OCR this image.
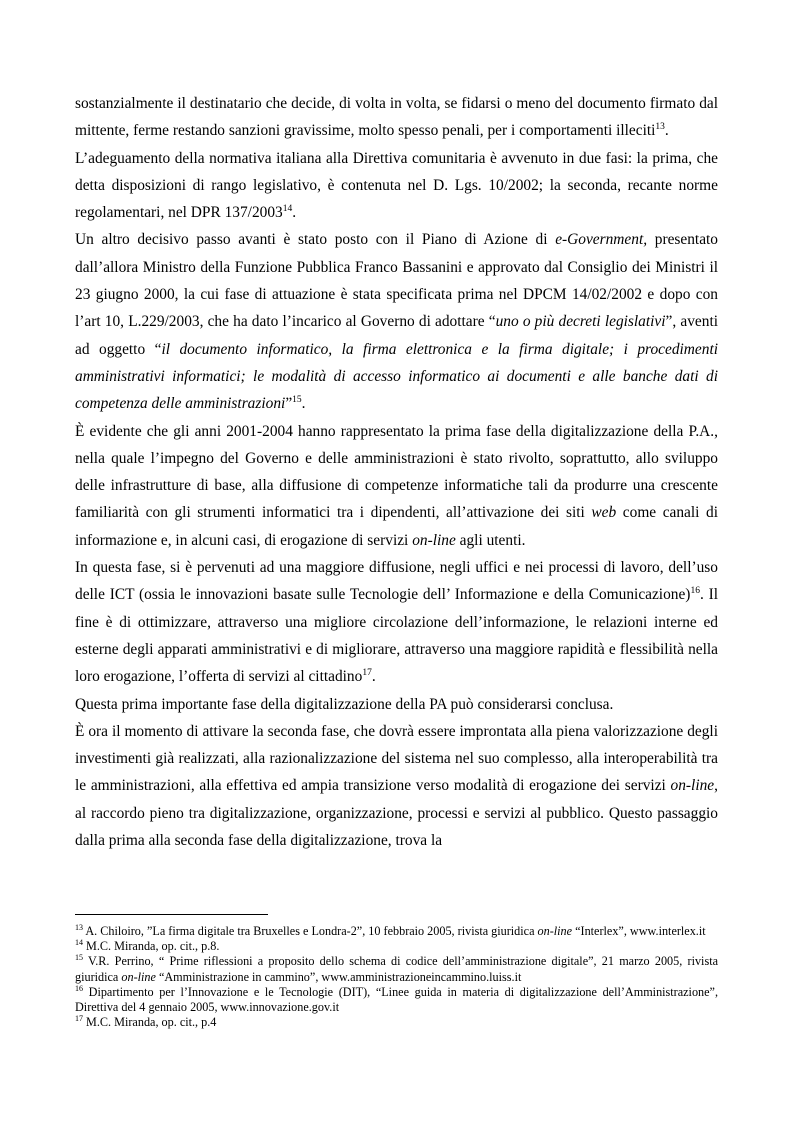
sostanzialmente il destinatario che decide, di volta in volta, se fidarsi o meno del documento firmato dal mittente, ferme restando sanzioni gravissime, molto spesso penali, per i comportamenti illeciti$^{13}$.
L’adeguamento della normativa italiana alla Direttiva comunitaria è avvenuto in due fasi: la prima, che detta disposizioni di rango legislativo, è contenuta nel D. Lgs. 10/2002; la seconda, recante norme regolamentari, nel DPR 137/2003$^{14}$.

Un altro decisivo passo avanti è stato posto con il Piano di Azione di e-Government, presentato dall’allora Ministro della Funzione Pubblica Franco Bassanini e approvato dal Consiglio dei Ministri il 23 giugno 2000, la cui fase di attuazione è stata specificata prima nel DPCM 14/02/2002 e dopo con l’art 10, L.229/2003, che ha dato l’incarico al Governo di adottare “uno o più decreti legislativi”, aventi ad oggetto “il documento informatico, la firma elettronica e la firma digitale; i procedimenti amministrativi informatici; le modalità di accesso informatico ai documenti e alle banche dati di competenza delle amministrazioni”$^{15}$.

È evidente che gli anni 2001-2004 hanno rappresentato la prima fase della digitalizzazione della P.A., nella quale l’impegno del Governo e delle amministrazioni è stato rivolto, soprattutto, allo sviluppo delle infrastrutture di base, alla diffusione di competenze informatiche tali da produrre una crescente familiarità con gli strumenti informatici tra i dipendenti, all’attivazione dei siti web come canali di informazione e, in alcuni casi, di erogazione di servizi on-line agli utenti.

In questa fase, si è pervenuti ad una maggiore diffusione, negli uffici e nei processi di lavoro, dell’uso delle ICT (ossia le innovazioni basate sulle Tecnologie dell’ Informazione e della Comunicazione)$^{16}$. Il fine è di ottimizzare, attraverso una migliore circolazione dell’informazione, le relazioni interne ed esterne degli apparati amministrativi e di migliorare, attraverso una maggiore rapidità e flessibilità nella loro erogazione, l’offerta di servizi al cittadino$^{17}$.

Questa prima importante fase della digitalizzazione della PA può considerarsi conclusa.

È ora il momento di attivare la seconda fase, che dovrà essere improntata alla piena valorizzazione degli investimenti già realizzati, alla razionalizzazione del sistema nel suo complesso, alla interoperabilità tra le amministrazioni, alla effettiva ed ampia transizione verso modalità di erogazione dei servizi on-line, al raccordo pieno tra digitalizzazione, organizzazione, processi e servizi al pubblico. Questo passaggio dalla prima alla seconda fase della digitalizzazione, trova la

$^{13}$ A. Chiloiro, ”La firma digitale tra Bruxelles e Londra-2”, 10 febbraio 2005, rivista giuridica on-line “Interlex”, www.interlex.it

$^{14}$ M.C. Miranda, op. cit., p.8.

$^{15}$ V.R. Perrino, “ Prime riflessioni a proposito dello schema di codice dell’amministrazione digitale”, 21 marzo 2005, rivista giuridica on-line “Amministrazione in cammino”, www.amministrazioneincammino.luiss.it

$^{16}$ Dipartimento per l’Innovazione e le Tecnologie (DIT), “Linee guida in materia di digitalizzazione dell’Amministrazione”, Direttiva del 4 gennaio 2005, www.innovazione.gov.it

$^{17}$ M.C. Miranda, op. cit., p.4
